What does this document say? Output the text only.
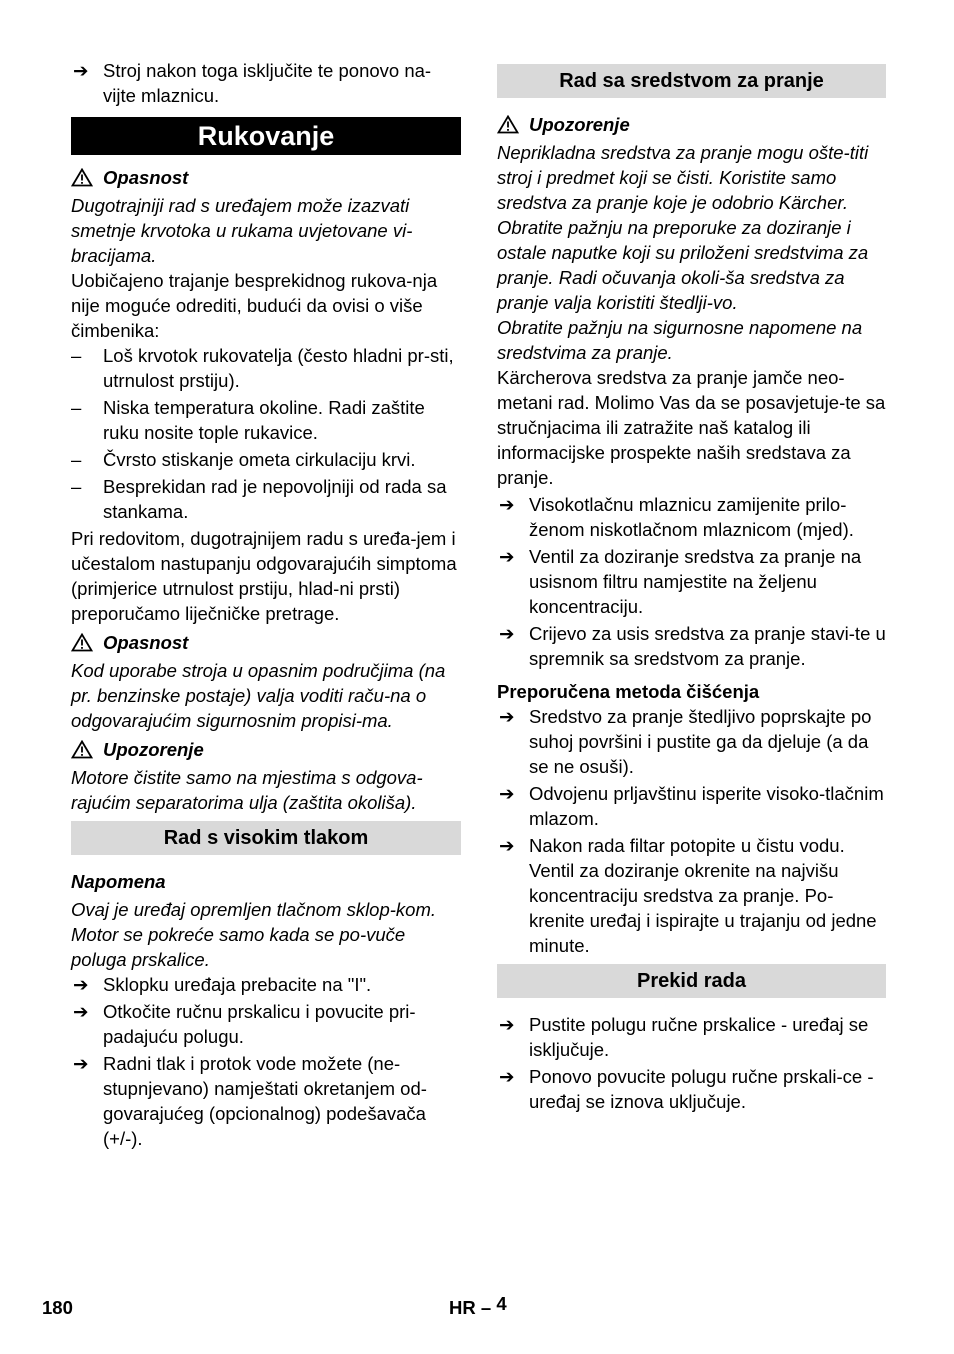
➔ Stroj nakon toga isključite te ponovo na-vijte mlaznicu.
Rukovanje
Opasnost

Dugotrajniji rad s uređajem može izazvati smetnje krvotoka u rukama uvjetovane vi-bracijama.

Uobičajeno trajanje besprekidnog rukova-nja nije moguće odrediti, budući da ovisi o više čimbenika:

– Loš krvotok rukovatelja (često hladni pr-sti, utrnulost prstiju).
– Niska temperatura okoline. Radi zaštite ruku nosite tople rukavice.
– Čvrsto stiskanje ometa cirkulaciju krvi.
– Besprekidan rad je nepovoljniji od rada sa stankama.

Pri redovitom, dugotrajnijem radu s uređa-jem i učestalom nastupanju odgovarajućih simptoma (primjerice utrnulost prstiju, hlad-ni prsti) preporučamo liječničke pretrage.

Opasnost

Kod uporabe stroja u opasnim područjima (na pr. benzinske postaje) valja voditi raču-na o odgovarajućim sigurnosnim propisi-ma.

Upozorenje

Motore čistite samo na mjestima s odgova-rajućim separatorima ulja (zaštita okoliša).

Rad s visokim tlakom
Napomena

Ovaj je uređaj opremljen tlačnom sklop-kom. Motor se pokreće samo kada se po-vuče poluga prskalice.

➔ Sklopku uređaja prebacite na "I".
➔ Otkočite ručnu prskalicu i povucite pri-padajuću polugu.
➔ Radni tlak i protok vode možete (ne-stupnjevano) namještati okretanjem od-govarajućeg (opcionalnog) podešavača (+/-).
Rad sa sredstvom za pranje
Upozorenje

Neprikladna sredstva za pranje mogu ošte-titi stroj i predmet koji se čisti. Koristite samo sredstva za pranje koje je odobrio Kärcher. Obratite pažnju na preporuke za doziranje i ostale naputke koji su priloženi sredstvima za pranje. Radi očuvanja okoli-ša sredstva za pranje valja koristiti štedlji-vo.

Obratite pažnju na sigurnosne napomene na sredstvima za pranje.

Kärcherova sredstva za pranje jamče neo-metani rad. Molimo Vas da se posavjetuje-te sa stručnjacima ili zatražite naš katalog ili informacijske prospekte naših sredstava za pranje.

➔ Visokotlačnu mlaznicu zamijenite prilo-ženom niskotlačnom mlaznicom (mjed).
➔ Ventil za doziranje sredstva za pranje na usisnom filtru namjestite na željenu koncentraciju.
➔ Crijevo za usis sredstva za pranje stavi-te u spremnik sa sredstvom za pranje.

Preporučena metoda čišćenja

➔ Sredstvo za pranje štedljivo poprskajte po suhoj površini i pustite ga da djeluje (a da se ne osuši).
➔ Odvojenu prljavštinu isperite visoko-tlačnim mlazom.
➔ Nakon rada filtar potopite u čistu vodu. Ventil za doziranje okrenite na najvišu koncentraciju sredstva za pranje. Po-krenite uređaj i ispirajte u trajanju od jedne minute.
Prekid rada
➔ Pustite polugu ručne prskalice - uređaj se isključuje.
➔ Ponovo povucite polugu ručne prskali-ce - uređaj se iznova uključuje.
180	HR – 4
